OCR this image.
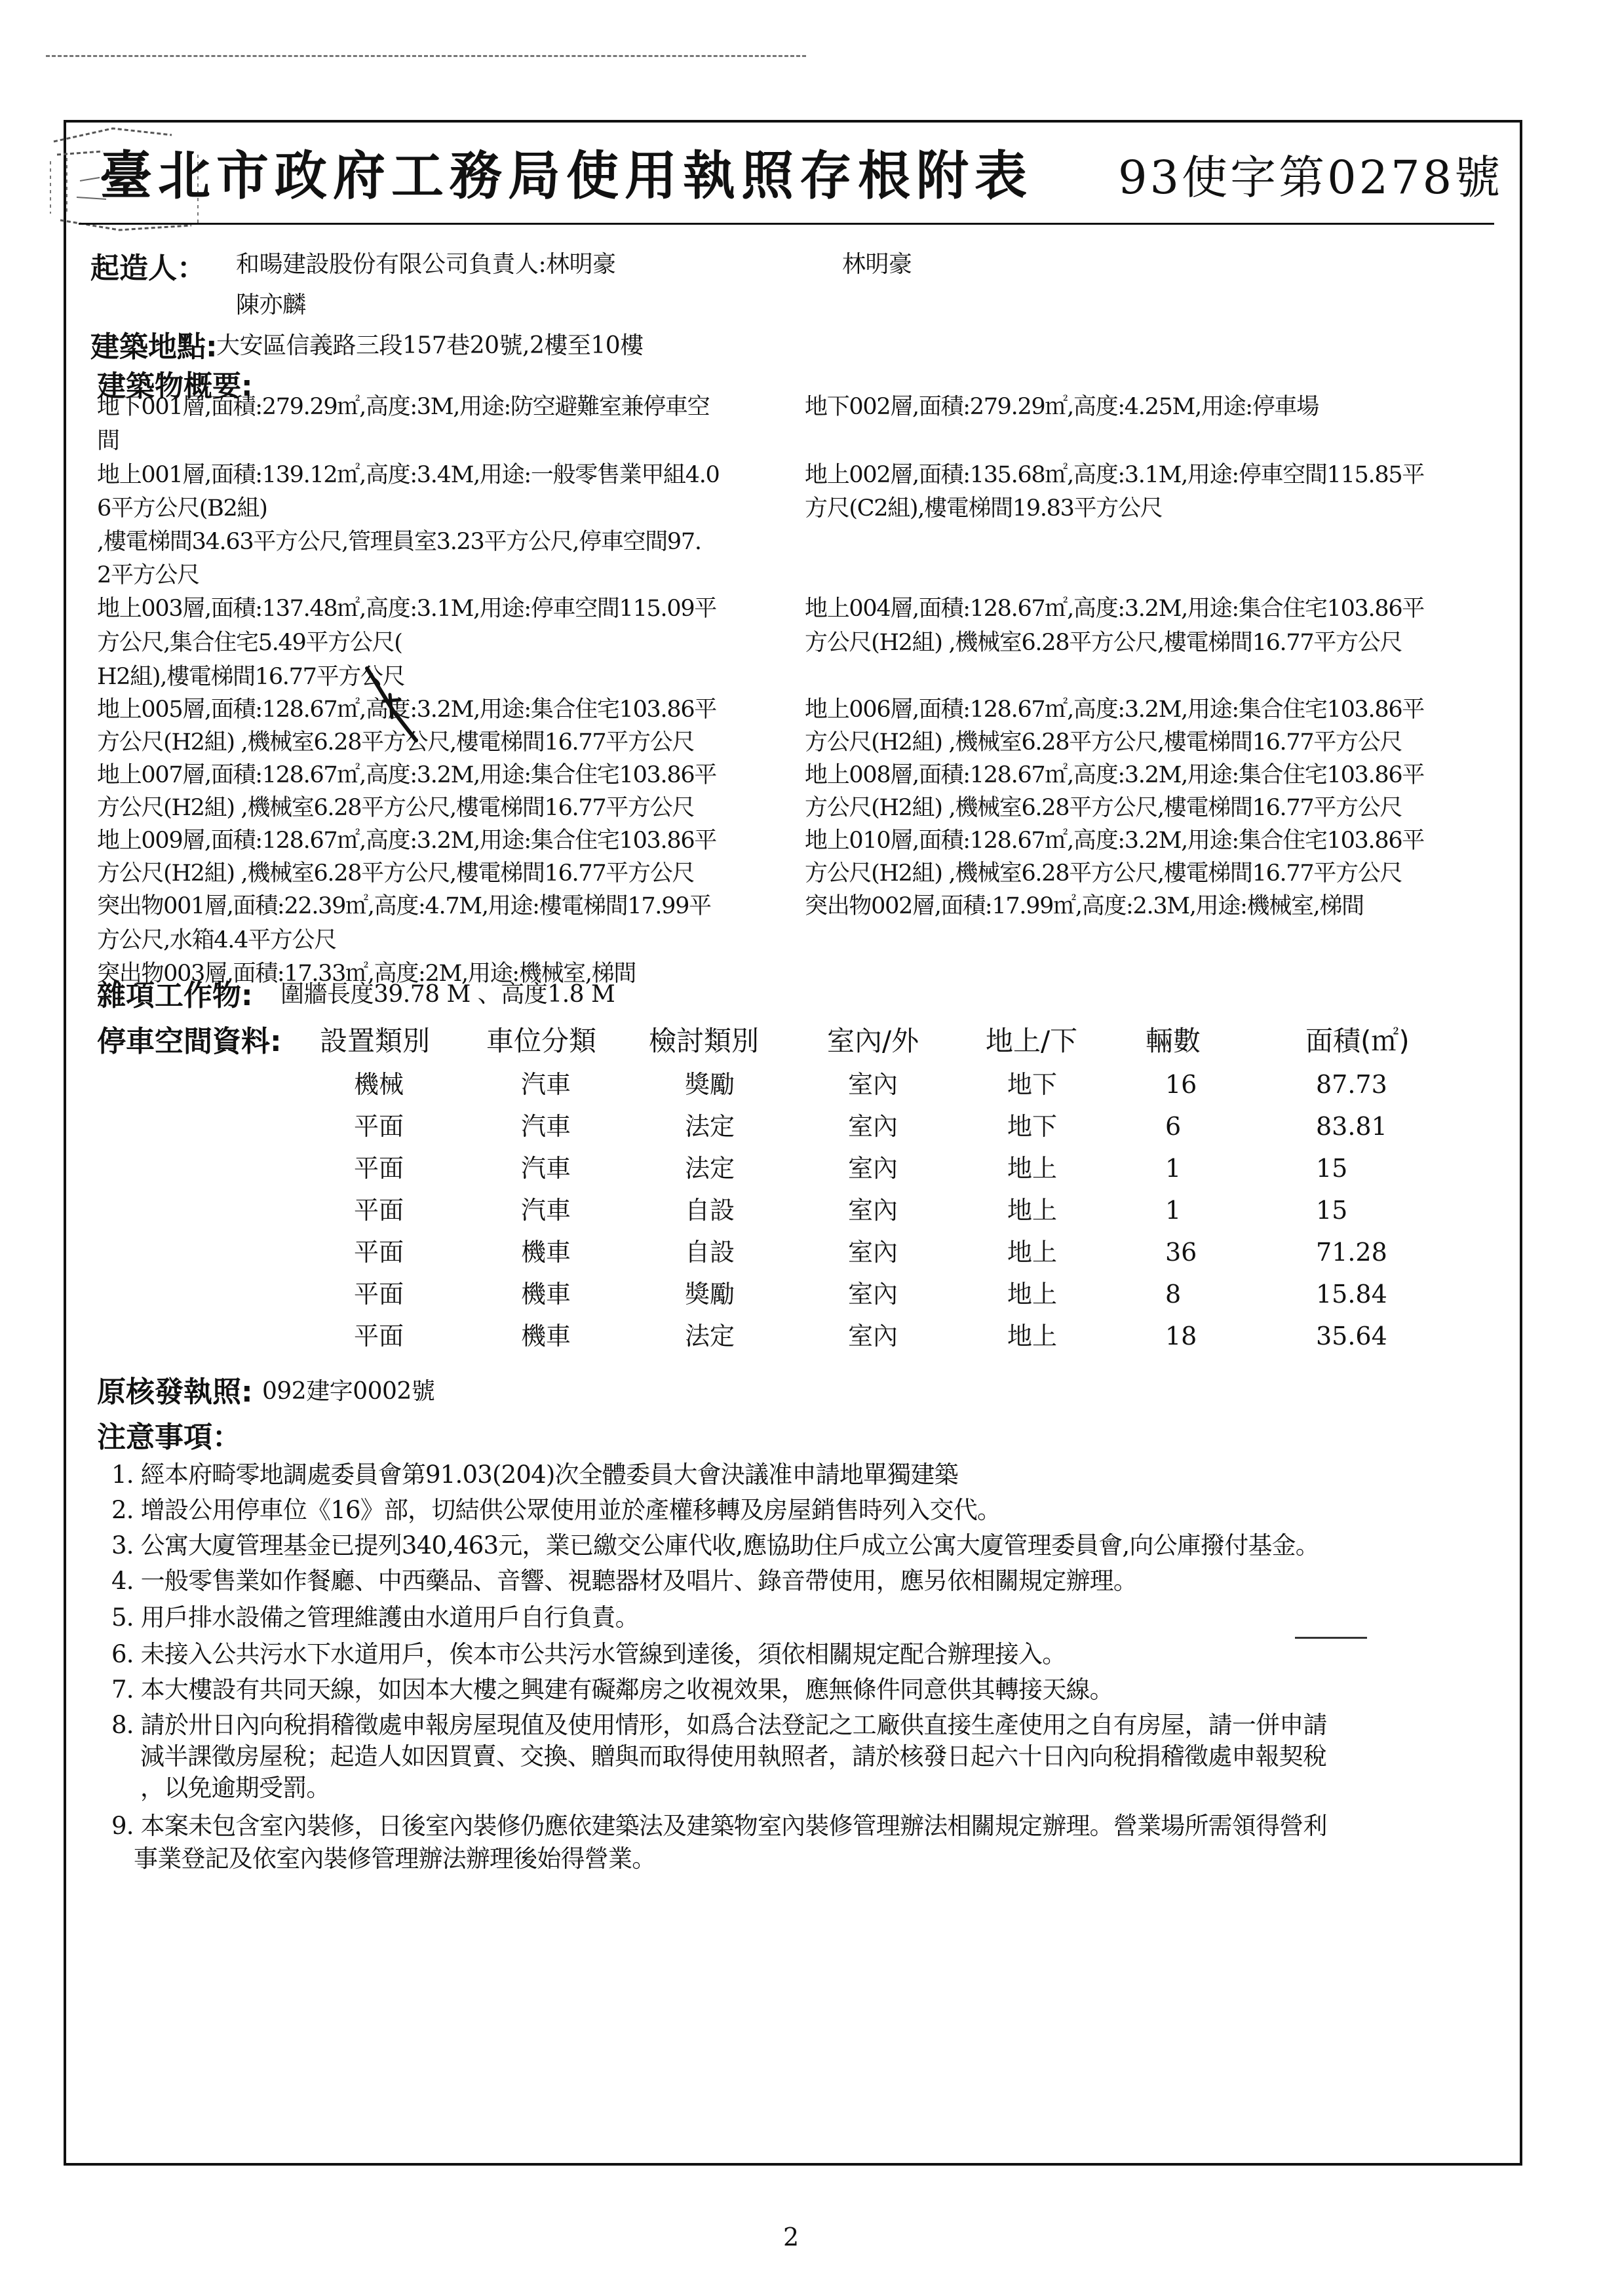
臺北市政府工務局使用執照存根附表 93使字第0278號
起造人： 和暘建設股份有限公司負責人:林明豪	林明豪
陳亦麟
建築地點:
大安區信義路三段157巷20號,2樓至10樓
建築物概要:
地下001層,面積:279.29㎡,高度:3M,用途:防空避難室兼停車空
間
地上001層,面積:139.12㎡,高度:3.4M,用途:一般零售業甲組4.0
6平方公尺(B2組)
,樓電梯間34.63平方公尺,管理員室3.23平方公尺,停車空間97.
2平方公尺
地上003層,面積:137.48㎡,高度:3.1M,用途:停車空間115.09平
方公尺,集合住宅5.49平方公尺(
H2組),樓電梯間16.77平方公尺
地上005層,面積:128.67㎡,高度:3.2M,用途:集合住宅103.86平
方公尺(H2組) ,機械室6.28平方公尺,樓電梯間16.77平方公尺
地上007層,面積:128.67㎡,高度:3.2M,用途:集合住宅103.86平
方公尺(H2組) ,機械室6.28平方公尺,樓電梯間16.77平方公尺
地上009層,面積:128.67㎡,高度:3.2M,用途:集合住宅103.86平
方公尺(H2組) ,機械室6.28平方公尺,樓電梯間16.77平方公尺
突出物001層,面積:22.39㎡,高度:4.7M,用途:樓電梯間17.99平
方公尺,水箱4.4平方公尺
突出物003層,面積:17.33㎡,高度:2M,用途:機械室,梯間
地下002層,面積:279.29㎡,高度:4.25M,用途:停車場
地上002層,面積:135.68㎡,高度:3.1M,用途:停車空間115.85平
方尺(C2組),樓電梯間19.83平方公尺
地上004層,面積:128.67㎡,高度:3.2M,用途:集合住宅103.86平
方公尺(H2組) ,機械室6.28平方公尺,樓電梯間16.77平方公尺
地上006層,面積:128.67㎡,高度:3.2M,用途:集合住宅103.86平
方公尺(H2組) ,機械室6.28平方公尺,樓電梯間16.77平方公尺
地上008層,面積:128.67㎡,高度:3.2M,用途:集合住宅103.86平
方公尺(H2組) ,機械室6.28平方公尺,樓電梯間16.77平方公尺
地上010層,面積:128.67㎡,高度:3.2M,用途:集合住宅103.86平
方公尺(H2組) ,機械室6.28平方公尺,樓電梯間16.77平方公尺
突出物002層,面積:17.99㎡,高度:2.3M,用途:機械室,梯間
雜項工作物: 圍牆長度39.78 M 、高度1.8 M
停車空間資料: 設置類別 車位分類 檢討類別 室內/外 地上/下 輛數	面積(㎡)
機械	汽車	獎勵	室內	地下	16	87.73
平面	汽車	法定	室內	地下	6	83.81
平面	汽車	法定	室內	地上	1	15
平面	汽車	自設	室內	地上	1	15
平面	機車	自設	室內	地上	36	71.28
平面	機車	獎勵	室內	地上	8	15.84
平面	機車	法定	室內	地上	18	35.64
原核發執照: 092建字0002號
注意事項：
1. 經本府畸零地調處委員會第91.03(204)次全體委員大會決議准申請地單獨建築
2. 增設公用停車位《16》部，切結供公眾使用並於產權移轉及房屋銷售時列入交代。
3. 公寓大廈管理基金已提列340,463元，業已繳交公庫代收,應協助住戶成立公寓大廈管理委員會,向公庫撥付基金。
4. 一般零售業如作餐廳、中西藥品、音響、視聽器材及唱片、錄音帶使用，應另依相關規定辦理。
5. 用戶排水設備之管理維護由水道用戶自行負責。
6. 未接入公共污水下水道用戶，俟本市公共污水管線到達後，須依相關規定配合辦理接入。
7. 本大樓設有共同天線，如因本大樓之興建有礙鄰房之收視效果，應無條件同意供其轉接天線。
8. 請於卅日內向稅捐稽徵處申報房屋現值及使用情形，如爲合法登記之工廠供直接生產使用之自有房屋，請一併申請
減半課徵房屋稅；起造人如因買賣、交換、贈與而取得使用執照者，請於核發日起六十日內向稅捐稽徵處申報契稅
，以免逾期受罰。
9. 本案未包含室內裝修，日後室內裝修仍應依建築法及建築物室內裝修管理辦法相關規定辦理。營業場所需領得營利
事業登記及依室內裝修管理辦法辦理後始得營業。
2
